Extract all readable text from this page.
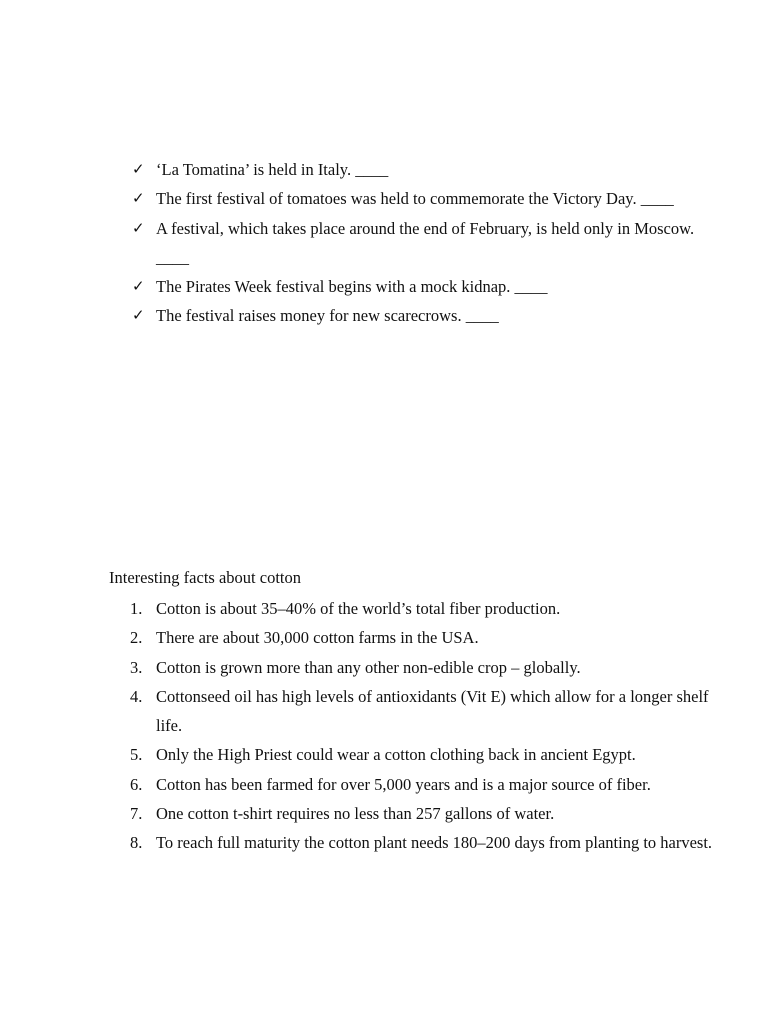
✓ ‘La Tomatina’ is held in Italy. ____
✓ The first festival of tomatoes was held to commemorate the Victory Day. ____
✓ A festival, which takes place around the end of February, is held only in Moscow. ____
✓ The Pirates Week festival begins with a mock kidnap. ____
✓ The festival raises money for new scarecrows. ____

Interesting facts about cotton

1. Cotton is about 35–40% of the world’s total fiber production.
2. There are about 30,000 cotton farms in the USA.
3. Cotton is grown more than any other non-edible crop – globally.
4. Cottonseed oil has high levels of antioxidants (Vit E) which allow for a longer shelf life.
5. Only the High Priest could wear a cotton clothing back in ancient Egypt.
6. Cotton has been farmed for over 5,000 years and is a major source of fiber.
7. One cotton t-shirt requires no less than 257 gallons of water.
8. To reach full maturity the cotton plant needs 180–200 days from planting to harvest.
